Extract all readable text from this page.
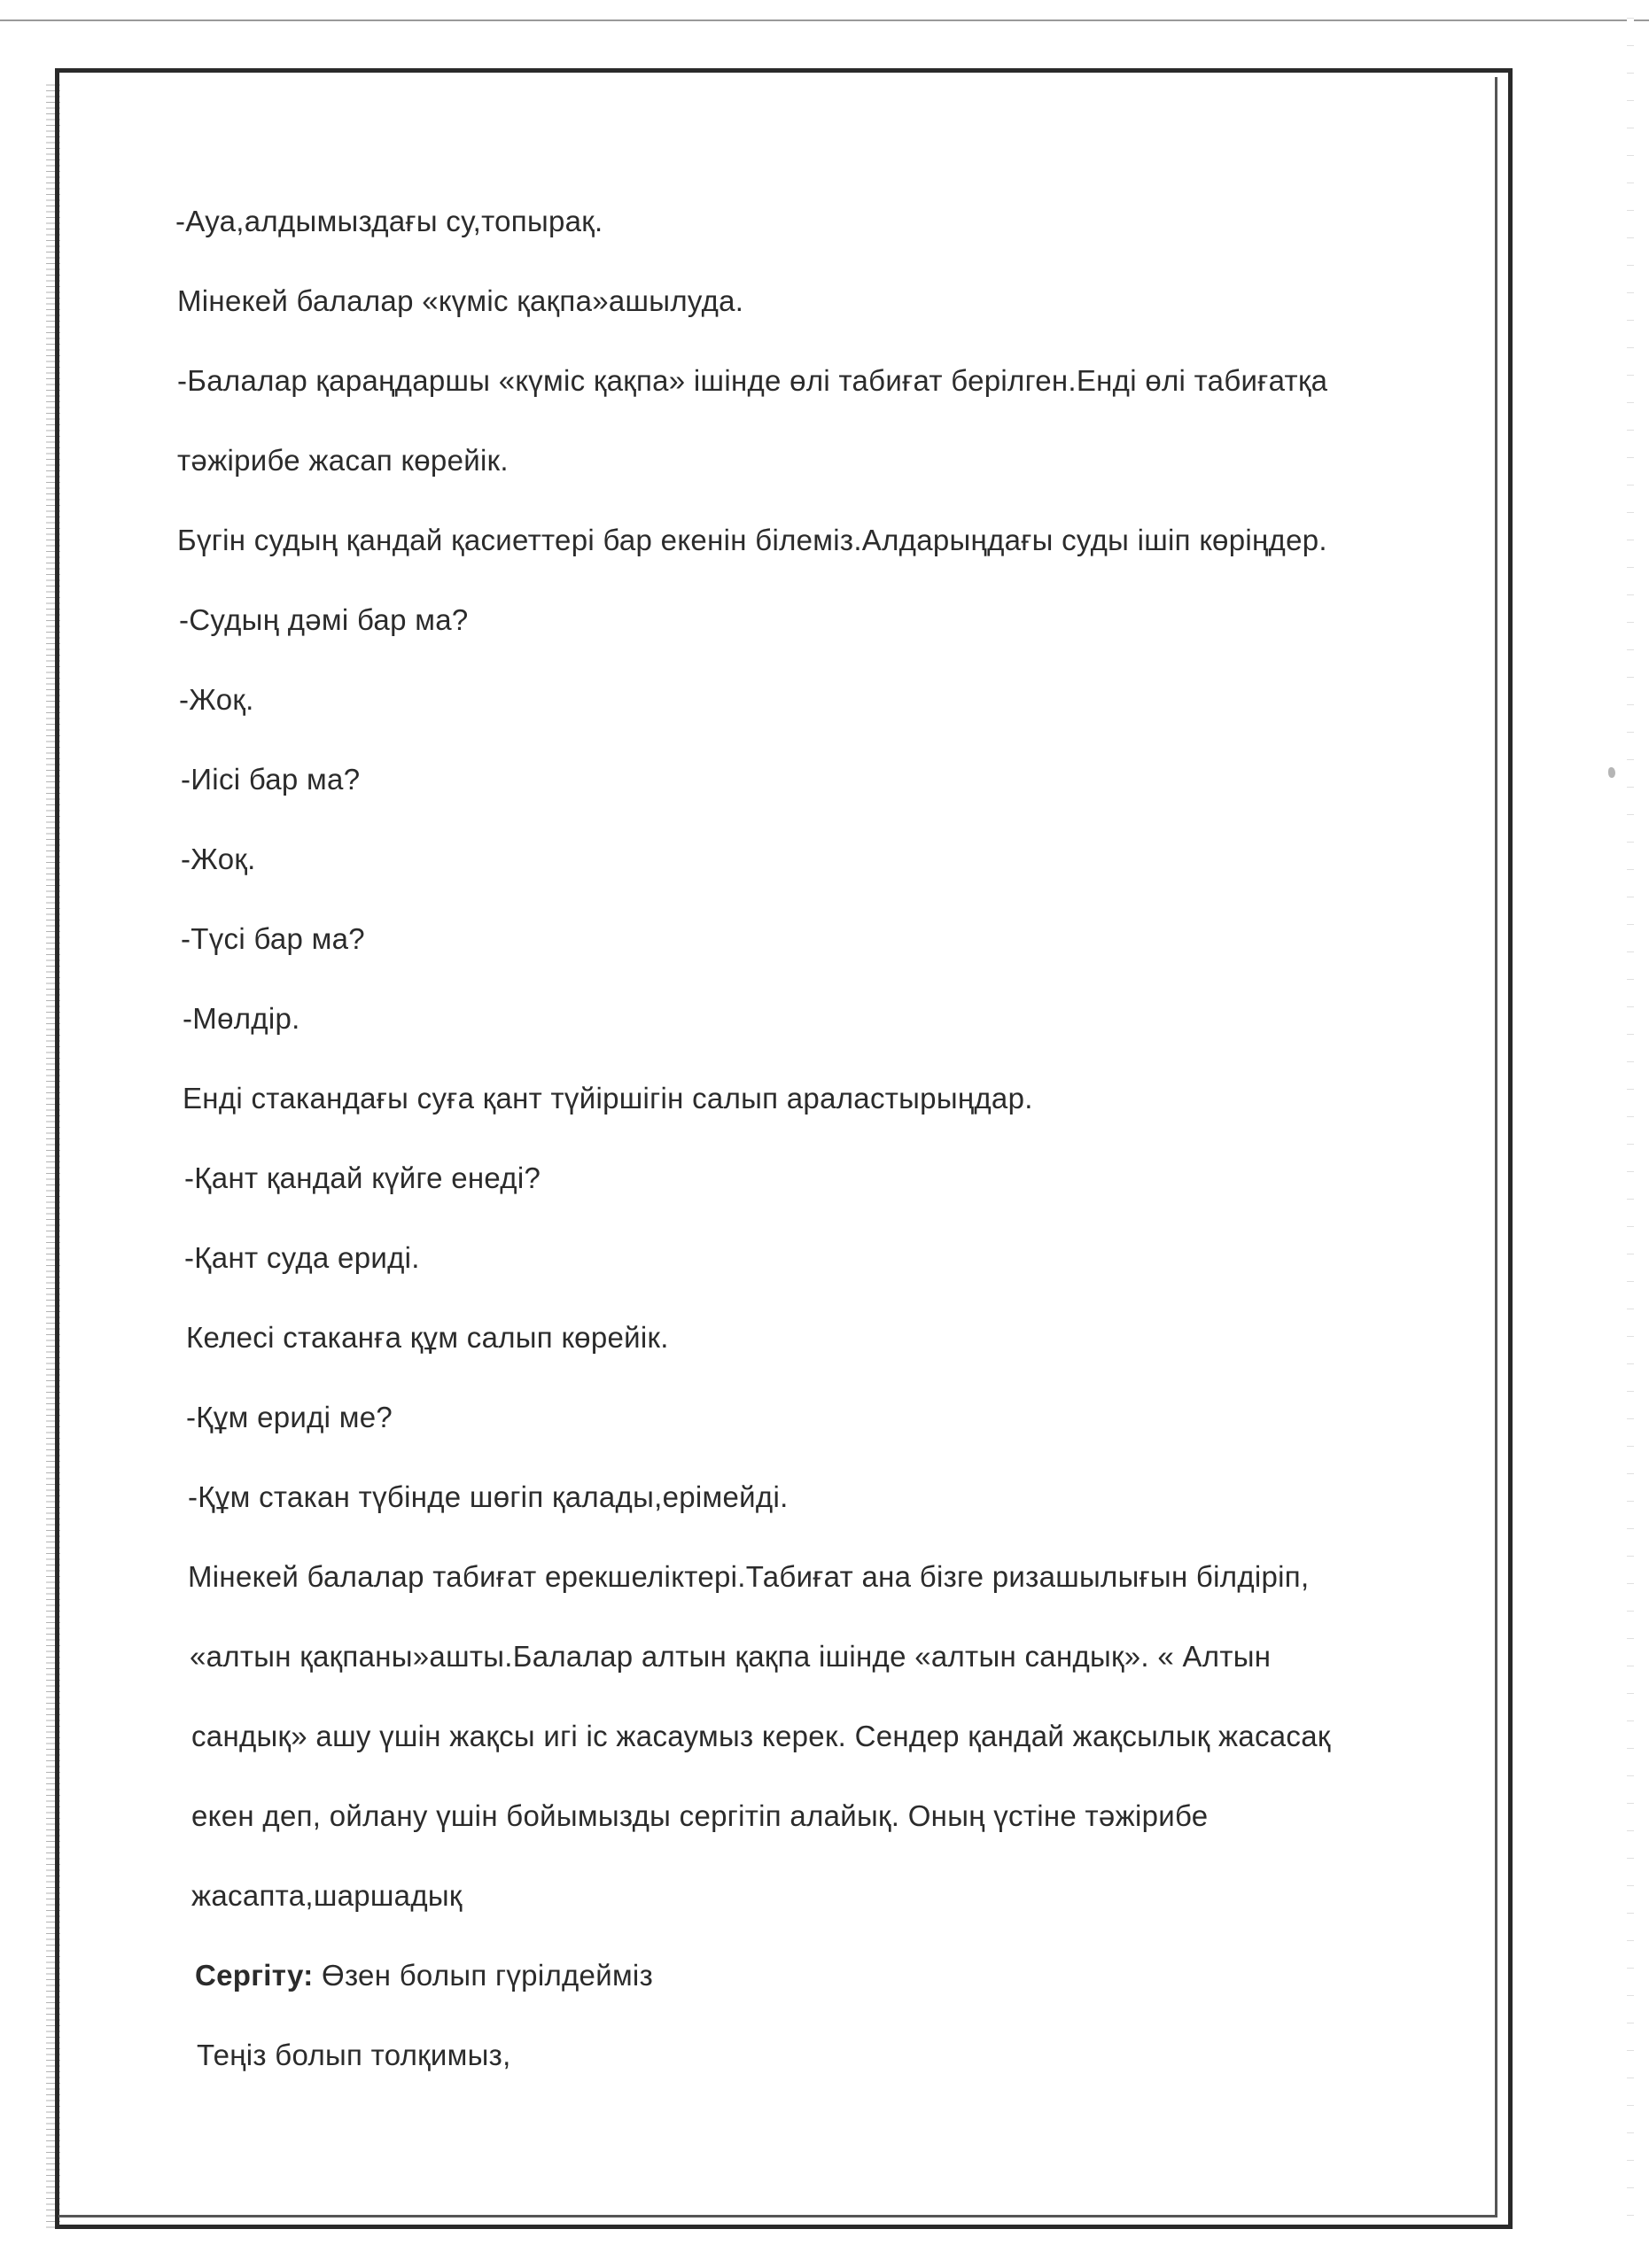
-Ауа,алдымыздағы су,топырақ.

Мінекей балалар «күміс қақпа»ашылуда.

-Балалар қараңдаршы «күміс қақпа» ішінде өлі табиғат берілген.Енді өлі табиғатқа

тәжірибе жасап көрейік.

Бүгін судың қандай қасиеттері бар екенін білеміз.Алдарыңдағы суды ішіп көріңдер.

-Судың дәмі бар ма?

-Жоқ.

-Иісі бар ма?

-Жоқ.

-Түсі бар ма?

-Мөлдір.

Енді стакандағы суға қант түйіршігін салып араластырыңдар.

-Қант қандай күйге енеді?

-Қант суда ериді.

Келесі стаканға құм салып көрейік.

-Құм ериді ме?

-Құм стакан түбінде шөгіп қалады,ерімейді.

Мінекей балалар табиғат ерекшеліктері.Табиғат ана бізге ризашылығын білдіріп,

«алтын қақпаны»ашты.Балалар алтын қақпа ішінде «алтын сандық». « Алтын

сандық» ашу үшін жақсы игі іс жасаумыз керек. Сендер қандай жақсылық жасасақ

екен деп, ойлану үшін бойымызды сергітіп алайық. Оның үстіне тәжірибе

жасапта,шаршадық

Сергіту: Өзен болып гүрілдейміз

Теңіз болып толқимыз,
